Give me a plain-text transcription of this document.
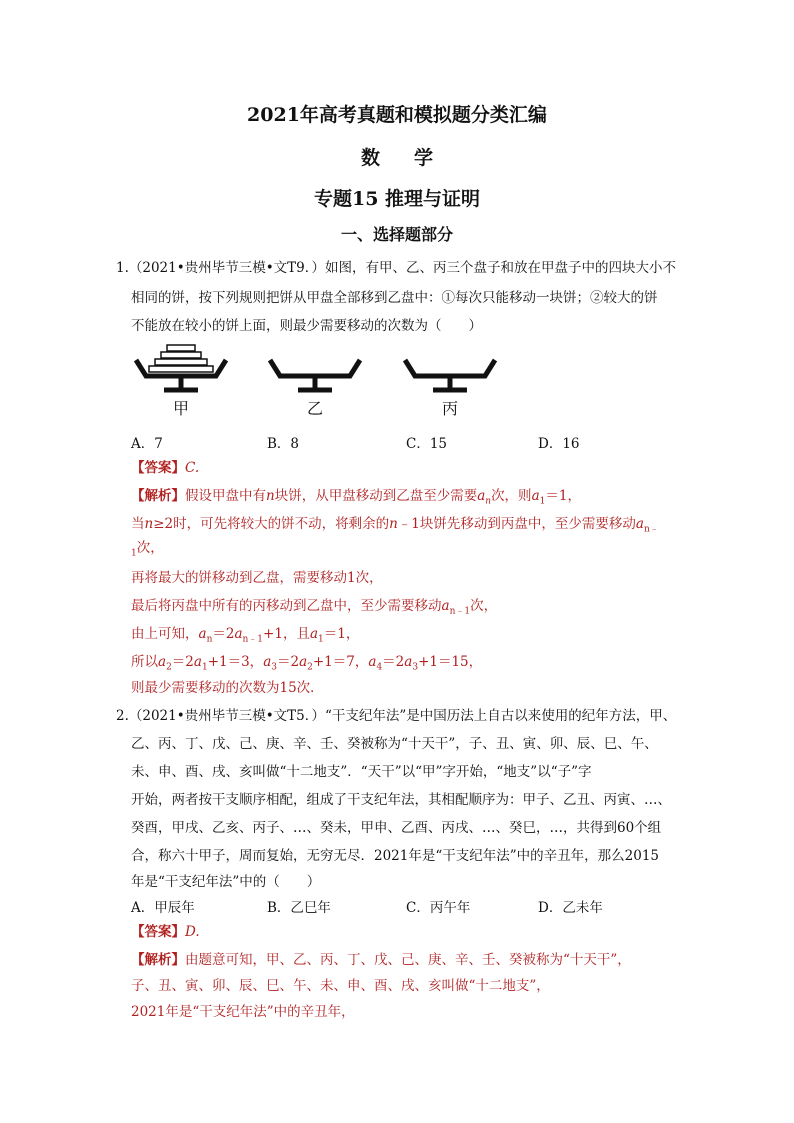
2021年高考真题和模拟题分类汇编
数学
专题15 推理与证明
一、选择题部分
1.（2021•贵州毕节三模•文T9．）如图，有甲、乙、丙三个盘子和放在甲盘子中的四块大小不
相同的饼，按下列规则把饼从甲盘全部移到乙盘中：①每次只能移动一块饼；②较大的饼
不能放在较小的饼上面，则最少需要移动的次数为（　　）
甲	乙	丙
A．7	B．8	C．15	D．16
【答案】C.
【解析】假设甲盘中有n块饼，从甲盘移动到乙盘至少需要$a_n$次，则$a_1=1$，
当n≥2时，可先将较大的饼不动，将剩余的n﹣1块饼先移动到丙盘中，至少需要移动$a_{n﹣}$
$_1$次，
再将最大的饼移动到乙盘，需要移动1次，
最后将丙盘中所有的丙移动到乙盘中，至少需要移动$a_{n﹣1}$次，
由上可知，$a_n=2a_{n﹣1}+1$，且$a_1=1$，
所以$a_2=2a_1+1=3$，$a_3=2a_2+1=7$，$a_4=2a_3+1=15$，
则最少需要移动的次数为15次．
2.（2021•贵州毕节三模•文T5．）“干支纪年法”是中国历法上自古以来使用的纪年方法，甲、
乙、丙、丁、戊、己、庚、辛、壬、癸被称为“十天干”，子、丑、寅、卯、辰、巳、午、
未、申、酉、戌、亥叫做“十二地支”．“天干”以“甲”字开始，“地支”以“子”字
开始，两者按干支顺序相配，组成了干支纪年法，其相配顺序为：甲子、乙丑、丙寅、…、
癸酉，甲戌、乙亥、丙子、…、癸未，甲申、乙酉、丙戌、…、癸巳，…，共得到60个组
合，称六十甲子，周而复始，无穷无尽．2021年是“干支纪年法”中的辛丑年，那么2015
年是“干支纪年法”中的（　　）
A．甲辰年	B．乙巳年	C．丙午年	D．乙未年
【答案】D.
【解析】由题意可知，甲、乙、丙、丁、戊、己、庚、辛、壬、癸被称为“十天干”，
子、丑、寅、卯、辰、巳、午、未、申、酉、戌、亥叫做“十二地支”，
2021年是“干支纪年法”中的辛丑年，
